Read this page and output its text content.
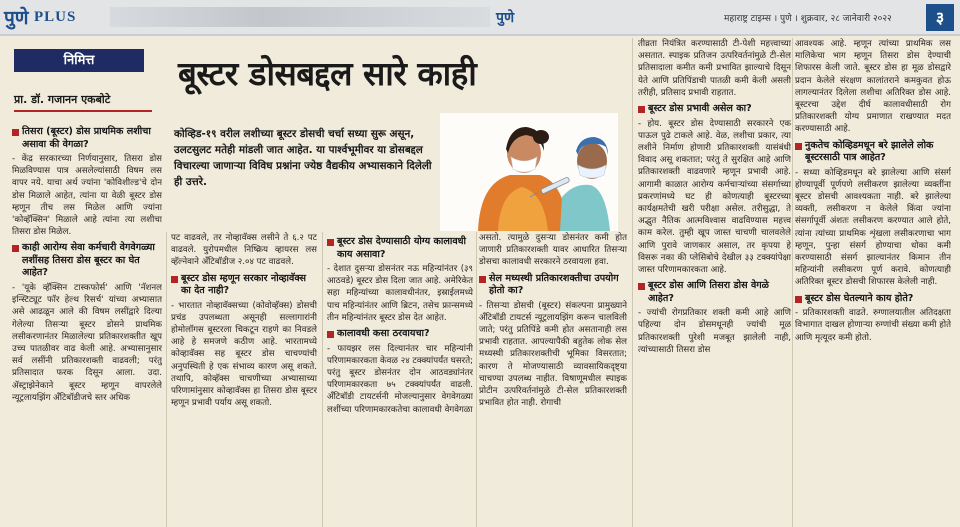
पुणे PLUS	पुणे	महाराष्ट्र टाइम्स । पुणे । शुक्रवार, २८ जानेवारी २०२२	३
निमित्त
प्रा. डॉ. गजानन एकबोटे
बूस्टर डोसबद्दल सारे काही
कोव्हिड-१९ वरील लशीच्या बूस्टर डोसची चर्चा सध्या सुरू असून, उलटसुलट मतेही मांडली जात आहेत. या पार्श्वभूमीवर या डोसबद्दल विचारल्या जाणाऱ्या विविध प्रश्नांना ज्येष्ठ वैद्यकीय अभ्यासकाने दिलेली ही उत्तरे.
तिसरा (बूस्टर) डोस प्राथमिक लशीचा असावा की वेगळा?

- केंद्र सरकारच्या निर्णयानुसार, तिसरा डोस मिळविण्यास पात्र असलेल्यांसाठी विषम लस वापर नये. याचा अर्थ ज्यांना 'कोविशील्ड'चे दोन डोस मिळाले आहेत, त्यांना या वेळी बूस्टर डोस म्हणून तीच लस मिळेल आणि ज्यांना 'कोव्हॅक्सिन' मिळाले आहे त्यांना त्या लशीचा तिसरा डोस मिळेल.

काही आरोग्य सेवा कर्मचारी वेगवेगळ्या लशींसह तिसरा डोस बूस्टर का घेत आहेत?

- 'यूके व्हॅक्सिन टास्कफोर्स' आणि 'नॅशनल इन्स्टिट्यूट फॉर हेल्थ रिसर्च' यांच्या अभ्यासात असे आढळून आले की विषम लसींद्वारे दिल्या गेलेल्या तिसऱ्या बूस्टर डोसने प्राथमिक लसीकरणानंतर मिळालेल्या प्रतिकारशक्तीत खूप उच्च पातळीवर वाढ केली आहे. अभ्यासानुसार सर्व लसींनी प्रतिकारशक्ती वाढवली; परंतु प्रतिसादात फरक दिसून आला. उदा. ॲस्ट्राझेनेकाने बूस्टर म्हणून वापरलेले न्यूट्रलायझिंग ॲंटिबॉडीजचे स्तर अधिक

पट वाढवले, तर नोव्हावॅक्स लसीने ते ६.२ पट वाढवले. युरोपमधील निष्क्रिय व्हायरस लस व्हॅल्नेवाने ॲंटिबॉडीज २.०४ पट वाढवले.

बूस्टर डोस म्हणून सरकार नोव्हावॅक्स का देत नाही?

- भारतात नोव्हावॅक्सच्या (कोवोव्हॅक्स) डोसची प्रचंड उपलब्धता असूनही सल्लागारांनी होमोलॉगस बूस्टरला चिकटून राहणे का निवडले आहे हे समजणे कठीण आहे. भारतामध्ये कोव्हावॅक्स सह बूस्टर डोस चाचण्यांची अनुपस्थिती हे एक संभाव्य कारण असू शकते. तथापि, कोव्हॅक्स चाचणीच्या अभ्यासाच्या परिणामांनुसार कोव्हावॅक्स हा तिसरा डोस बूस्टर म्हणून प्रभावी पर्याय असू शकतो.

बूस्टर डोस देण्यासाठी योग्य कालावधी काय असावा?

- देशात दुसऱ्या डोसनंतर नऊ महिन्यांनंतर (३९ आठवडे) बूस्टर डोस दिला जात आहे. अमेरिकेत सहा महिन्यांच्या कालावधीनंतर, इस्राईलमध्ये पाच महिन्यांनंतर आणि ब्रिटन, तसेच फ्रान्समध्ये तीन महिन्यांनंतर बूस्टर डोस देत आहेत.

कालावधी कसा ठरवायचा?

- फायझर लस दिल्यानंतर चार महिन्यांनी परिणामकारकता केवळ २४ टक्क्यांपर्यंत घसरते; परंतु बूस्टर डोसनंतर दोन आठवड्यांनंतर परिणामकारकता ७५ टक्क्यांपर्यंत वाढली. ॲंटिबॉडी टायटर्सनी मोजल्यानुसार वेगवेगळ्या लशींच्या परिणामकारकतेचा कालावधी वेगवेगळा

असतो. त्यामुळे दुसऱ्या डोसनंतर कमी होत जाणारी प्रतिकारशक्ती यावर आधारित तिसऱ्या डोसचा कालावधी सरकारने ठरवायला हवा.

सेल मध्यस्थी प्रतिकारशक्तीचा उपयोग होतो का?

- तिसऱ्या डोसची (बूस्टर) संकल्पना प्रामुख्याने ॲंटिबॉडी टायटर्स न्यूट्रलायझिंग करून चालविली जाते; परंतु प्रतिपिंडे कमी होत असतानाही लस प्रभावी राहतात. आपल्यापैकी बहुतेक लोक सेल मध्यस्थी प्रतिकारशक्तीची भूमिका विसरतात; कारण ते मोजण्यासाठी व्यावसायिकदृष्ट्या चाचण्या उपलब्ध नाहीत. विषाणूमधील स्पाइक प्रोटीन उत्परिवर्तनांमुळे टी-सेल प्रतिकारशक्ती प्रभावित होत नाही. रोगाची

तीव्रता नियंत्रित करण्यासाठी टी-पेशी महत्त्वाच्या असतात. स्पाइक प्रतिजन उत्परिवर्तनांमुळे टी-सेल प्रतिसादाला कमीत कमी प्रभावित झाल्याचे दिसून येते आणि प्रतिपिंडाची पातळी कमी केली असली तरीही, प्रतिसाद प्रभावी राहतात.

बूस्टर डोस प्रभावी असेल का?

- होय. बूस्टर डोस देण्यासाठी सरकारने एक पाऊल पुढे टाकले आहे. वेळ, लशीचा प्रकार, त्या लशीने निर्माण होणारी प्रतिकारशक्ती यासंबंधी विवाद असू शकतात; परंतु ते सुरक्षित आहे आणि प्रतिकारशक्ती वाढवणारे म्हणून प्रभावी आहे. आगामी काळात आरोग्य कर्मचाऱ्यांच्या संसर्गाच्या प्रकरणांमध्ये घट ही कोणत्याही बूस्टरच्या कार्यक्षमतेची खरी परीक्षा असेल. तरीसुद्धा, ते अद्भुत नैतिक आत्मविश्वास वाढविण्यास महत्त्व काम करेल. तुम्ही खूप जास्त चाचणी चालवलेले आणि पुरावे जाणकार असाल, तर कृपया हे विसरू नका की प्लेसिबोचे देखील ३३ टक्क्यांपेक्षा जास्त परिणामकारकता आहे.

बूस्टर डोस आणि तिसरा डोस वेगळे आहेत?

- ज्यांची रोगप्रतिकार शक्ती कमी आहे आणि पहिल्या दोन डोसमधूनही ज्यांची मूळ प्रतिकारशक्ती पुरेशी मजबूत झालेली नाही, त्यांच्यासाठी तिसरा डोस

आवश्यक आहे. म्हणून त्यांच्या प्राथमिक लस मालिकेचा भाग म्हणून तिसरा डोस देण्याची शिफारस केली जाते. बूस्टर डोस हा मूळ डोसद्वारे प्रदान केलेले संरक्षण कालांतराने कमकुवत होऊ लागल्यानंतर दिलेला लशीचा अतिरिक्त डोस आहे. बूस्टरचा उद्देश दीर्घ कालावधीसाठी रोग प्रतिकारशक्ती योग्य प्रमाणात राखण्यात मदत करण्यासाठी आहे.

नुकतेच कोव्हिडमधून बरे झालेले लोक बूस्टरसाठी पात्र आहेत?

- सध्या कोव्हिडमधून बरे झालेल्या आणि संसर्ग होण्यापूर्वी पूर्णपणे लसीकरण झालेल्या व्यक्तींना बूस्टर डोसची आवश्यकता नाही. बरे झालेल्या व्यक्ती, लसीकरण न केलेले किंवा ज्यांना संसर्गापूर्वी अंशतः लसीकरण करण्यात आले होते, त्यांना त्यांच्या प्राथमिक शृंखला लसीकरणाचा भाग म्हणून, पुन्हा संसर्ग होण्याचा धोका कमी करण्यासाठी संसर्ग झाल्यानंतर किमान तीन महिन्यांनी लसीकरण पूर्ण करावे. कोणत्याही अतिरिक्त बूस्टर डोसची शिफारस केलेली नाही.

बूस्टर डोस घेतल्याने काय होते?

- प्रतिकारशक्ती वाढते. रुग्णालयातील अतिदक्षता विभागात दाखल होणाऱ्या रुग्णांची संख्या कमी होते आणि मृत्यूदर कमी होतो.
